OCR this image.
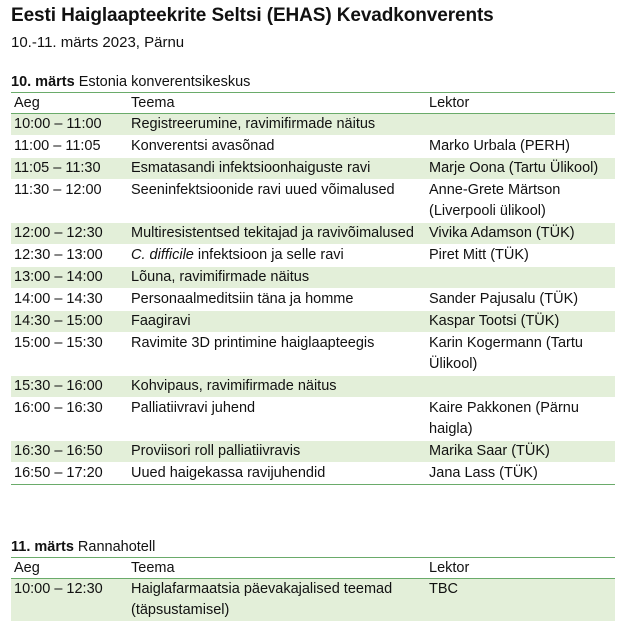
Eesti Haiglaapteekrite Seltsi (EHAS) Kevadkonverents
10.-11. märts 2023, Pärnu
10. märts Estonia konverentsikeskus
Aeg	Teema	Lektor
10:00 – 11:00	Registreerumine, ravimifirmade näitus	
11:00 – 11:05	Konverentsi avasõnad	Marko Urbala (PERH)
11:05 – 11:30	Esmatasandi infektsioonhaiguste ravi	Marje Oona (Tartu Ülikool)
11:30 – 12:00	Seeninfektsioonide ravi uued võimalused	Anne-Grete Märtson (Liverpooli ülikool)
12:00 – 12:30	Multiresistentsed tekitajad ja ravivõimalused	Vivika Adamson (TÜK)
12:30 – 13:00	C. difficile infektsioon ja selle ravi	Piret Mitt (TÜK)
13:00 – 14:00	Lõuna, ravimifirmade näitus	
14:00 – 14:30	Personaalmeditsiin täna ja homme	Sander Pajusalu (TÜK)
14:30 – 15:00	Faagiravi	Kaspar Tootsi (TÜK)
15:00 – 15:30	Ravimite 3D printimine haiglaapteegis	Karin Kogermann (Tartu Ülikool)
15:30 – 16:00	Kohvipaus, ravimifirmade näitus	
16:00 – 16:30	Palliatiivravi juhend	Kaire Pakkonen (Pärnu haigla)
16:30 – 16:50	Proviisori roll palliatiivravis	Marika Saar (TÜK)
16:50 – 17:20	Uued haigekassa ravijuhendid	Jana Lass (TÜK)
11. märts Rannahotell
Aeg	Teema	Lektor
10:00 – 12:30	Haiglafarmaatsia päevakajalised teemad (täpsustamisel)	TBC
